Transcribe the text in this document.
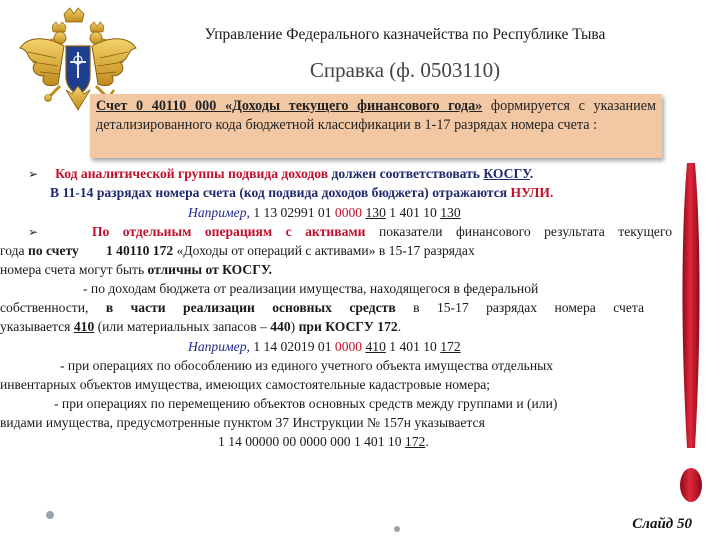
Управление Федерального казначейства по Республике Тыва
Справка (ф. 0503110)
Счет 0 40110 000 «Доходы текущего финансового года» формируется с указанием детализированного кода бюджетной классификации в 1-17 разрядах номера счета :
➢ Код аналитической группы подвида доходов должен соответствовать КОСГУ.
В 11-14 разрядах номера счета (код подвида доходов бюджета) отражаются НУЛИ.
Например, 1 13 02991 01 0000 130 1 401 10 130
➢	По отдельным операциям с активами показатели финансового результата текущего
года по счету 1 40110 172 «Доходы от операций с активами» в 15-17 разрядах
номера счета могут быть отличны от КОСГУ.
- по доходам бюджета от реализации имущества, находящегося в федеральной
собственности, в части реализации основных средств в 15-17 разрядах номера счета
указывается 410 (или материальных запасов – 440) при КОСГУ 172.
Например, 1 14 02019 01 0000 410 1 401 10 172
- при операциях по обособлению из единого учетного объекта имущества отдельных
инвентарных объектов имущества, имеющих самостоятельные кадастровые номера;
- при операциях по перемещению объектов основных средств между группами и (или)
видами имущества, предусмотренные пунктом 37 Инструкции № 157н указывается
1 14 00000 00 0000 000 1 401 10 172.
Слайд 50
